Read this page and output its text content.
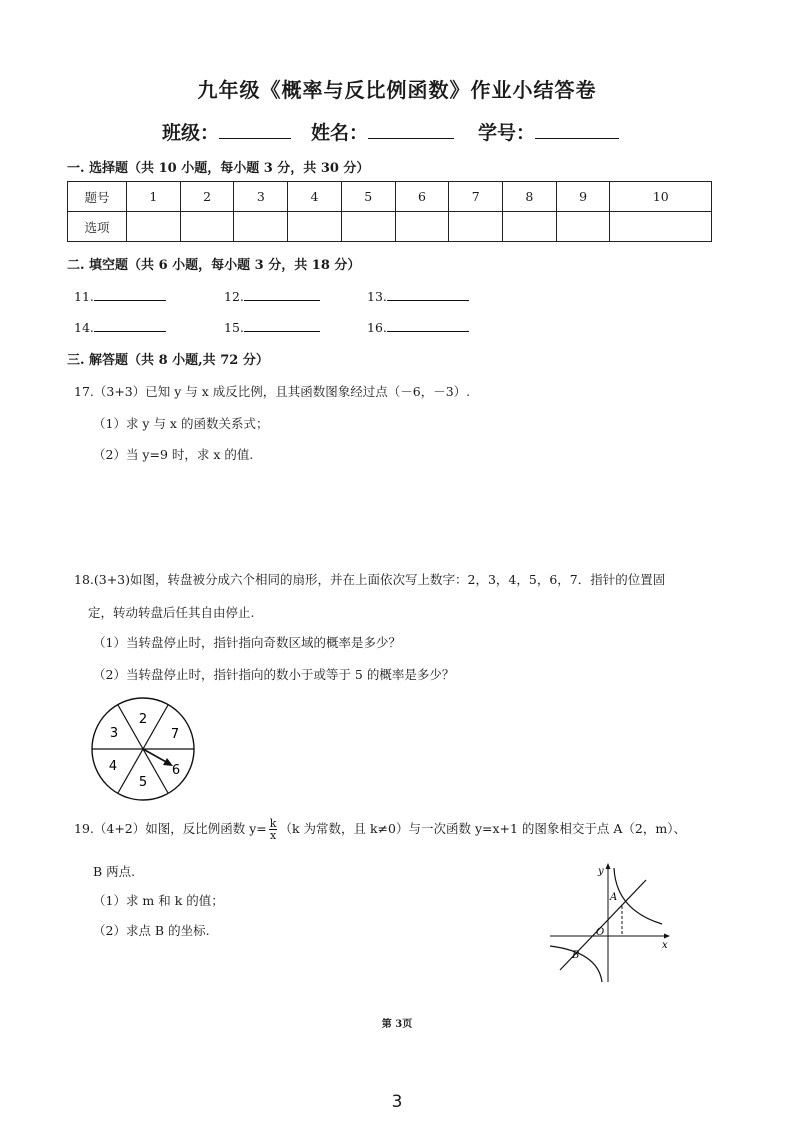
九年级《概率与反比例函数》作业小结答卷
班级：	姓名：	学号：
一. 选择题（共 10 小题，每小题 3 分，共 30 分）
题号	1	2	3	4	5	6	7	8	9	10
选项										
二. 填空题（共 6 小题，每小题 3 分，共 18 分）
11.	12.	13.
14.	15.	16.
三. 解答题（共 8 小题,共 72 分）
17.（3+3）已知 y 与 x 成反比例，且其函数图象经过点（－6，－3）.
（1）求 y 与 x 的函数关系式；
（2）当 y=9 时，求 x 的值.
18.(3+3)如图，转盘被分成六个相同的扇形，并在上面依次写上数字：2，3，4，5，6，7．指针的位置固
定，转动转盘后任其自由停止.
（1）当转盘停止时，指针指向奇数区域的概率是多少？
（2）当转盘停止时，指针指向的数小于或等于 5 的概率是多少？
2
7
6
5
4
3
19.（4+2）如图，反比例函数 $y= \frac{k}{x} (k$ 为常数，且 k≠0）与一次函数 y=x+1 的图象相交于点 A（2，m）、
B 两点.
（1）求 m 和 k 的值；
（2）求点 B 的坐标.
y
x
O
A
B
第 3页
3
